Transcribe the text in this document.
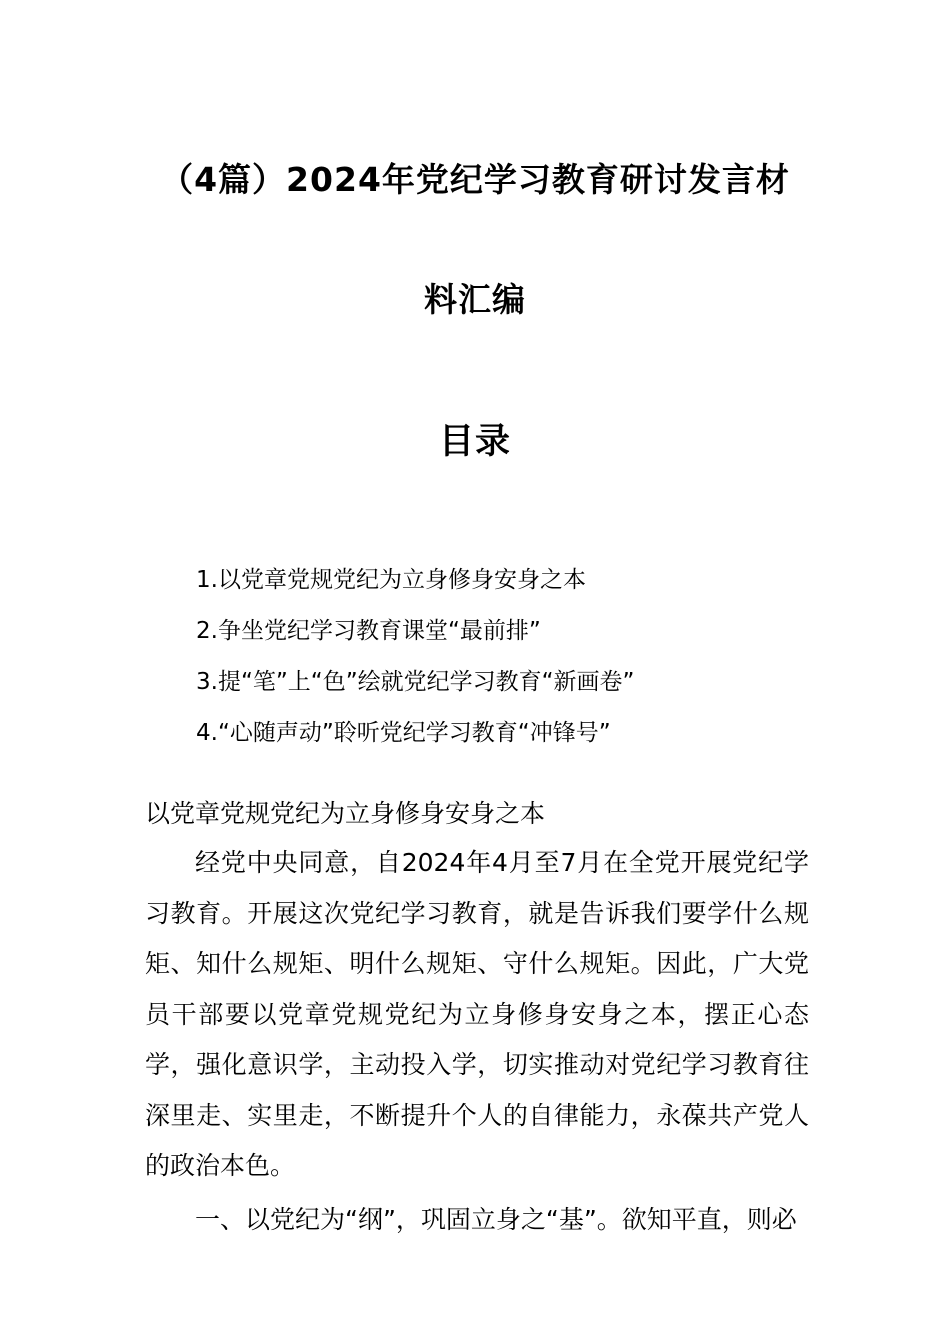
（4篇）2024年党纪学习教育研讨发言材
料汇编
目录
1.以党章党规党纪为立身修身安身之本
2.争坐党纪学习教育课堂“最前排”
3.提“笔”上“色”绘就党纪学习教育“新画卷”
4.“心随声动”聆听党纪学习教育“冲锋号”
以党章党规党纪为立身修身安身之本

经党中央同意，自2024年4月至7月在全党开展党纪学习教育。开展这次党纪学习教育，就是告诉我们要学什么规矩、知什么规矩、明什么规矩、守什么规矩。因此，广大党员干部要以党章党规党纪为立身修身安身之本，摆正心态学，强化意识学，主动投入学，切实推动对党纪学习教育往深里走、实里走，不断提升个人的自律能力，永葆共产党人的政治本色。

一、以党纪为“纲”，巩固立身之“基”。欲知平直，则必
